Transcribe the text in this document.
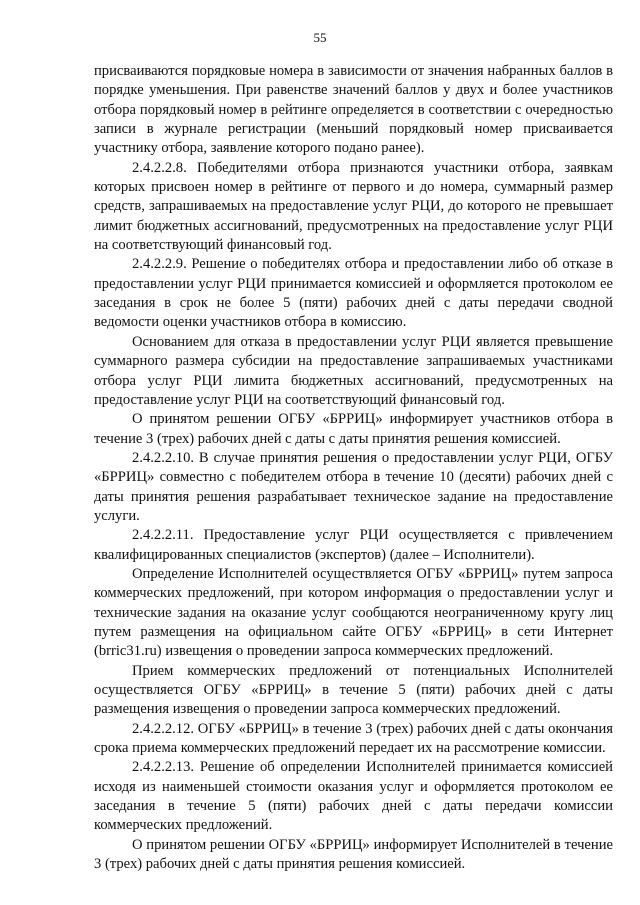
55

присваиваются порядковые номера в зависимости от значения набранных баллов в порядке уменьшения. При равенстве значений баллов у двух и более участников отбора порядковый номер в рейтинге определяется в соответствии с очередностью записи в журнале регистрации (меньший порядковый номер присваивается участнику отбора, заявление которого подано ранее).

2.4.2.2.8. Победителями отбора признаются участники отбора, заявкам которых присвоен номер в рейтинге от первого и до номера, суммарный размер средств, запрашиваемых на предоставление услуг РЦИ, до которого не превышает лимит бюджетных ассигнований, предусмотренных на предоставление услуг РЦИ на соответствующий финансовый год.

2.4.2.2.9. Решение о победителях отбора и предоставлении либо об отказе в предоставлении услуг РЦИ принимается комиссией и оформляется протоколом ее заседания в срок не более 5 (пяти) рабочих дней с даты передачи сводной ведомости оценки участников отбора в комиссию.

Основанием для отказа в предоставлении услуг РЦИ является превышение суммарного размера субсидии на предоставление запрашиваемых участниками отбора услуг РЦИ лимита бюджетных ассигнований, предусмотренных на предоставление услуг РЦИ на соответствующий финансовый год.

О принятом решении ОГБУ «БРРИЦ» информирует участников отбора в течение 3 (трех) рабочих дней с даты с даты принятия решения комиссией.

2.4.2.2.10. В случае принятия решения о предоставлении услуг РЦИ, ОГБУ «БРРИЦ» совместно с победителем отбора в течение 10 (десяти) рабочих дней с даты принятия решения разрабатывает техническое задание на предоставление услуги.

2.4.2.2.11. Предоставление услуг РЦИ осуществляется с привлечением квалифицированных специалистов (экспертов) (далее – Исполнители).

Определение Исполнителей осуществляется ОГБУ «БРРИЦ» путем запроса коммерческих предложений, при котором информация о предоставлении услуг и технические задания на оказание услуг сообщаются неограниченному кругу лиц путем размещения на официальном сайте ОГБУ «БРРИЦ» в сети Интернет (brric31.ru) извещения о проведении запроса коммерческих предложений.

Прием коммерческих предложений от потенциальных Исполнителей осуществляется ОГБУ «БРРИЦ» в течение 5 (пяти) рабочих дней с даты размещения извещения о проведении запроса коммерческих предложений.

2.4.2.2.12. ОГБУ «БРРИЦ» в течение 3 (трех) рабочих дней с даты окончания срока приема коммерческих предложений передает их на рассмотрение комиссии.

2.4.2.2.13. Решение об определении Исполнителей принимается комиссией исходя из наименьшей стоимости оказания услуг и оформляется протоколом ее заседания в течение 5 (пяти) рабочих дней с даты передачи комиссии коммерческих предложений.

О принятом решении ОГБУ «БРРИЦ» информирует Исполнителей в течение 3 (трех) рабочих дней с даты принятия решения комиссией.
